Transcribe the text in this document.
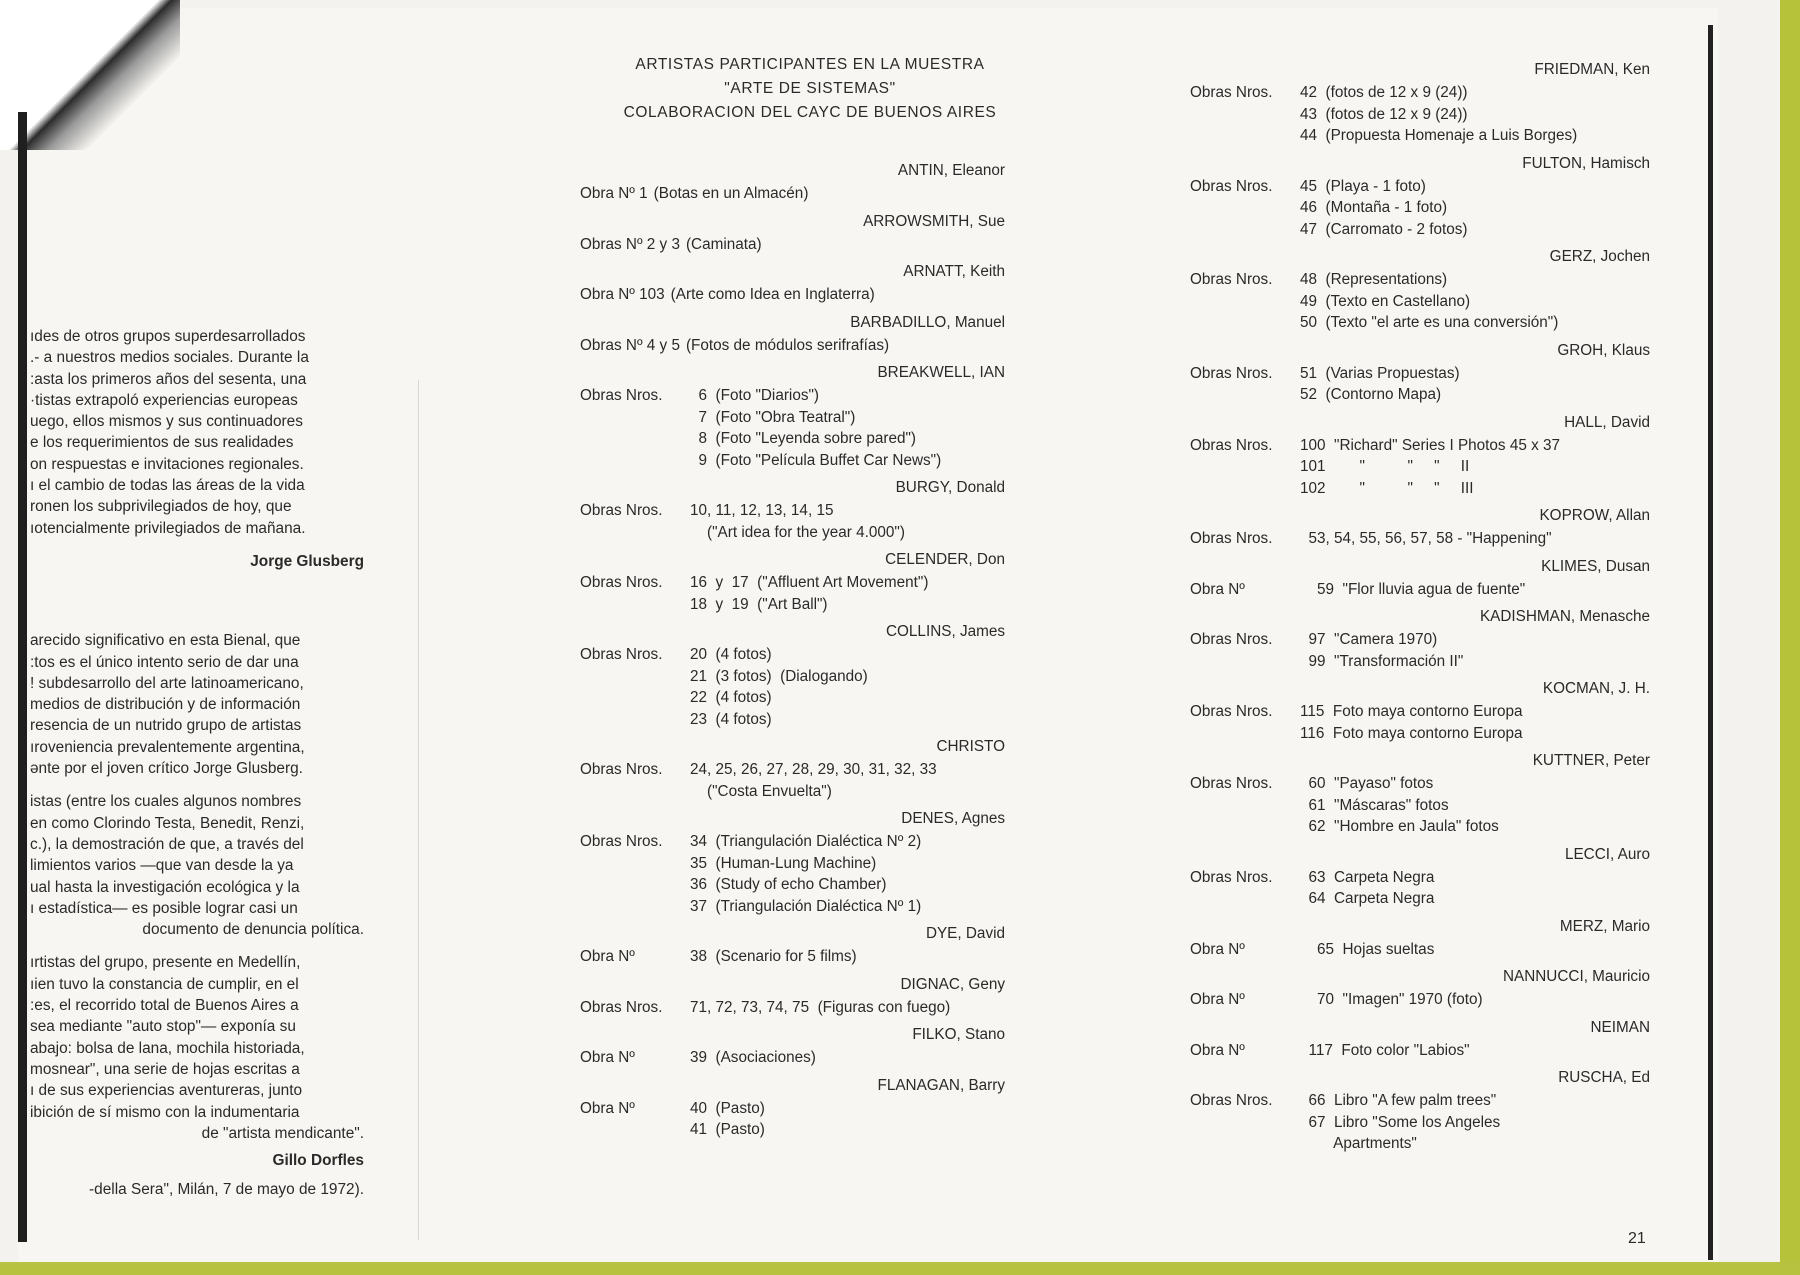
ıdes de otros grupos superdesarrollados
.- a nuestros medios sociales. Durante la
:asta los primeros años del sesenta, una
·tistas extrapoló experiencias europeas
uego, ellos mismos y sus continuadores
e los requerimientos de sus realidades
on respuestas e invitaciones regionales.
ı el cambio de todas las áreas de la vida
ronen los subprivilegiados de hoy, que
ıotencialmente privilegiados de mañana.

Jorge Glusberg

arecido significativo en esta Bienal, que
:tos es el único intento serio de dar una
ǃ subdesarrollo del arte latinoamericano,
medios de distribución y de información
resencia de un nutrido grupo de artistas
ıroveniencia prevalentemente argentina,
ənte por el joven crítico Jorge Glusberg.

istas (entre los cuales algunos nombres
en como Clorindo Testa, Benedit, Renzi,
c.), la demostración de que, a través del
limientos varios —que van desde la ya
ual hasta la investigación ecológica y la
ı estadística— es posible lograr casi un

documento de denuncia política.

ırtistas del grupo, presente en Medellín,
ıien tuvo la constancia de cumplir, en el
:es, el recorrido total de Buenos Aires a
sea mediante "auto stop"— exponía su
abajo: bolsa de lana, mochila historiada,
mosnear", una serie de hojas escritas a
ı de sus experiencias aventureras, junto
ibición de sí mismo con la indumentaria

de "artista mendicante".
Gillo Dorfles
-della Sera", Milán, 7 de mayo de 1972).
ARTISTAS PARTICIPANTES EN LA MUESTRA
"ARTE DE SISTEMAS"
COLABORACION DEL CAYC DE BUENOS AIRES
ANTIN, Eleanor
Obra Nº 1 (Botas en un Almacén)
ARROWSMITH, Sue
Obras Nº 2 y 3 (Caminata)
ARNATT, Keith
Obra Nº 103 (Arte como Idea en Inglaterra)
BARBADILLO, Manuel
Obras Nº 4 y 5 (Fotos de módulos serifrafías)
BREAKWELL, IAN
Obras Nros.	6  (Foto "Diarios")
7  (Foto "Obra Teatral")
8  (Foto "Leyenda sobre pared")
9  (Foto "Película Buffet Car News")
BURGY, Donald
Obras Nros.	10, 11, 12, 13, 14, 15
("Art idea for the year 4.000")
CELENDER, Don
Obras Nros.	16  y  17  ("Affluent Art Movement")
18  y  19  ("Art Ball")
COLLINS, James
Obras Nros.	20  (4 fotos)
21  (3 fotos)  (Dialogando)
22  (4 fotos)
23  (4 fotos)
CHRISTO
Obras Nros.	24, 25, 26, 27, 28, 29, 30, 31, 32, 33
("Costa Envuelta")
DENES, Agnes
Obras Nros.	34  (Triangulación Dialéctica Nº 2)
35  (Human-Lung Machine)
36  (Study of echo Chamber)
37  (Triangulación Dialéctica Nº 1)
DYE, David
Obra Nº	38  (Scenario for 5 films)
DIGNAC, Geny
Obras Nros.	71, 72, 73, 74, 75  (Figuras con fuego)
FILKO, Stano
Obra Nº	39  (Asociaciones)
FLANAGAN, Barry
Obra Nº	40  (Pasto)
41  (Pasto)
FRIEDMAN, Ken
Obras Nros.	42  (fotos de 12 x 9 (24))
43  (fotos de 12 x 9 (24))
44  (Propuesta Homenaje a Luis Borges)
FULTON, Hamisch
Obras Nros.	45  (Playa - 1 foto)
46  (Montaña - 1 foto)
47  (Carromato - 2 fotos)
GERZ, Jochen
Obras Nros.	48  (Representations)
49  (Texto en Castellano)
50  (Texto "el arte es una conversión")
GROH, Klaus
Obras Nros.	51  (Varias Propuestas)
52  (Contorno Mapa)
HALL, David
Obras Nros.	100  "Richard" Series I Photos 45 x 37
101        "          "     "     II
102        "          "     "     III
KOPROW, Allan
Obras Nros.	53, 54, 55, 56, 57, 58 - "Happening"
KLIMES, Dusan
Obra Nº	59  "Flor lluvia agua de fuente"
KADISHMAN, Menasche
Obras Nros.	97  "Camera 1970)
99  "Transformación II"
KOCMAN, J. H.
Obras Nros.	115  Foto maya contorno Europa
116  Foto maya contorno Europa
KUTTNER, Peter
Obras Nros.	60  "Payaso" fotos
61  "Máscaras" fotos
62  "Hombre en Jaula" fotos
LECCI, Auro
Obras Nros.	63  Carpeta Negra
64  Carpeta Negra
MERZ, Mario
Obra Nº	65  Hojas sueltas
NANNUCCI, Mauricio
Obra Nº	70  "Imagen" 1970 (foto)
NEIMAN
Obra Nº	117  Foto color "Labios"
RUSCHA, Ed
Obras Nros.	66  Libro "A few palm trees"
67  Libro "Some los Angeles
Apartments"
21
